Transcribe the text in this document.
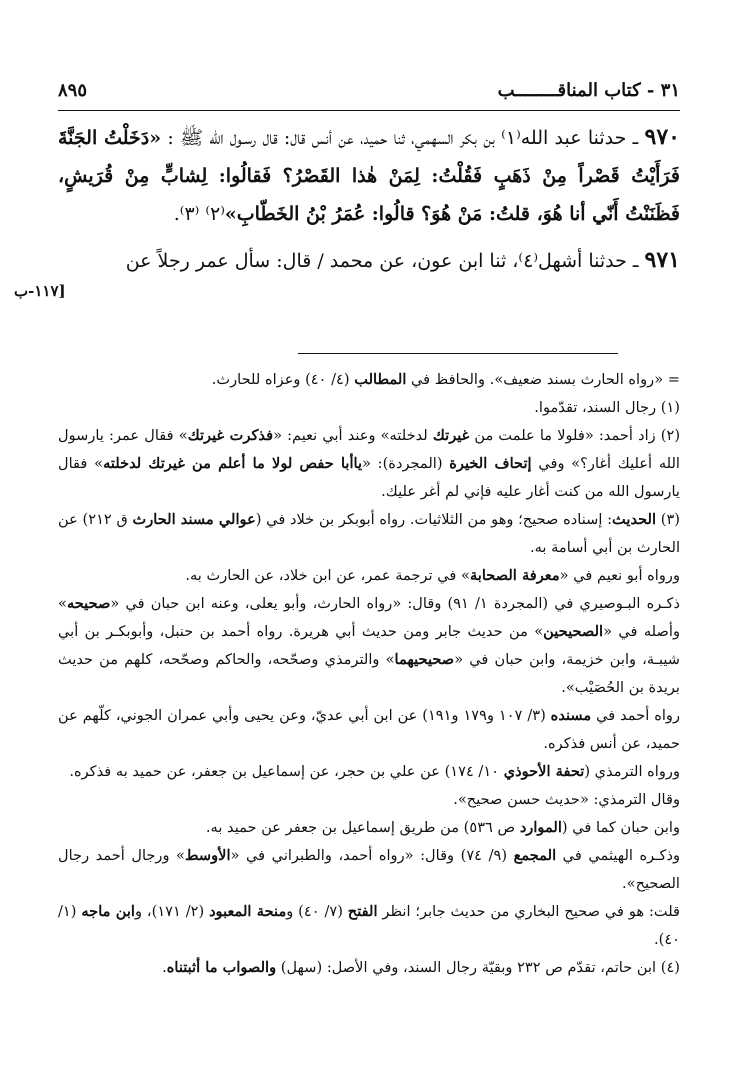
٣١ - كتاب المناقــــــــب
٨٩٥
[١١٧-ب

٩٧٠ ـ حدثنا عبد الله⁽١⁾ بن بكر السهمي، ثنا حميد، عن أنس قال: قال رسـول الله ﷺ : «دَخَلْتُ الجَنَّةَ فَرَأَيْتُ قَصْراً مِنْ ذَهَبٍ فَقُلْتُ: لِمَنْ هٰذا القَصْرُ؟ فَقالُوا: لِشابٍّ مِنْ قُرَيشٍ، فَظَنَنْتُ أَنّي أنا هُوَ، قلتُ: مَنْ هُوَ؟ قالُوا: عُمَرُ بْنُ الخَطّابِ»⁽٢⁾ ⁽٣⁾.

٩٧١ ـ حدثنا أشهل⁽٤⁾، ثنا ابن عون، عن محمد / قال: سأل عمر رجلاً عن

= «رواه الحارث بسند ضعيف». والحافظ في المطالب (٤/ ٤٠) وعزاه للحارث.

(١) رجال السند، تقدّموا.

(٢) زاد أحمد: «فلولا ما علمت من غيرتك لدخلته» وعند أبي نعيم: «فذكرت غيرتك» فقال عمر: يارسول الله أعليك أغار؟» وفي إتحاف الخيرة (المجردة): «ياأبا حفص لولا ما أعلم من غيرتك لدخلته» فقال يارسول الله من كنت أغار عليه فإني لم أغر عليك.

(٣) الحديث: إسناده صحيح؛ وهو من الثلاثيات. رواه أبوبكر بن خلاد في (عوالي مسند الحارث ق ٢١٢) عن الحارث بن أبي أسامة به.

ورواه أبو نعيم في «معرفة الصحابة» في ترجمة عمر، عن ابن خلاد، عن الحارث به.

ذكـره البـوصيري في (المجردة ١/ ٩١) وقال: «رواه الحارث، وأبو يعلى، وعنه ابن حبان في «صحيحه» وأصله في «الصحيحين» من حديث جابر ومن حديث أبي هريرة. رواه أحمد بن حنبل، وأبوبكـر بن أبي شيبـة، وابن خزيمة، وابن حبان في «صحيحيهما» والترمذي وصحّحه، والحاكم وصحّحه، كلهم من حديث بريدة بن الحُصَيْب».

رواه أحمد في مسنده (٣/ ١٠٧ و١٧٩ و١٩١) عن ابن أبي عديّ، وعن يحيى وأبي عمران الجوني، كلّهم عن حميد، عن أنس فذكره.

ورواه الترمذي (تحفة الأحوذي ١٠/ ١٧٤) عن علي بن حجر، عن إسماعيل بن جعفر، عن حميد به فذكره.

وقال الترمذي: «حديث حسن صحيح».

وابن حبان كما في (الموارد ص ٥٣٦) من طريق إسماعيل بن جعفر عن حميد به.

وذكـره الهيثمي في المجمع (٩/ ٧٤) وقال: «رواه أحمد، والطبراني في «الأوسط» ورجال أحمد رجال الصحيح».

قلت: هو في صحيح البخاري من حديث جابر؛ انظر الفتح (٧/ ٤٠) ومنحة المعبود (٢/ ١٧١)، وابن ماجه (١/ ٤٠).

(٤) ابن حاتم، تقدّم ص ٢٣٢ وبقيّة رجال السند، وفي الأصل: (سهل) والصواب ما أثبتناه.
